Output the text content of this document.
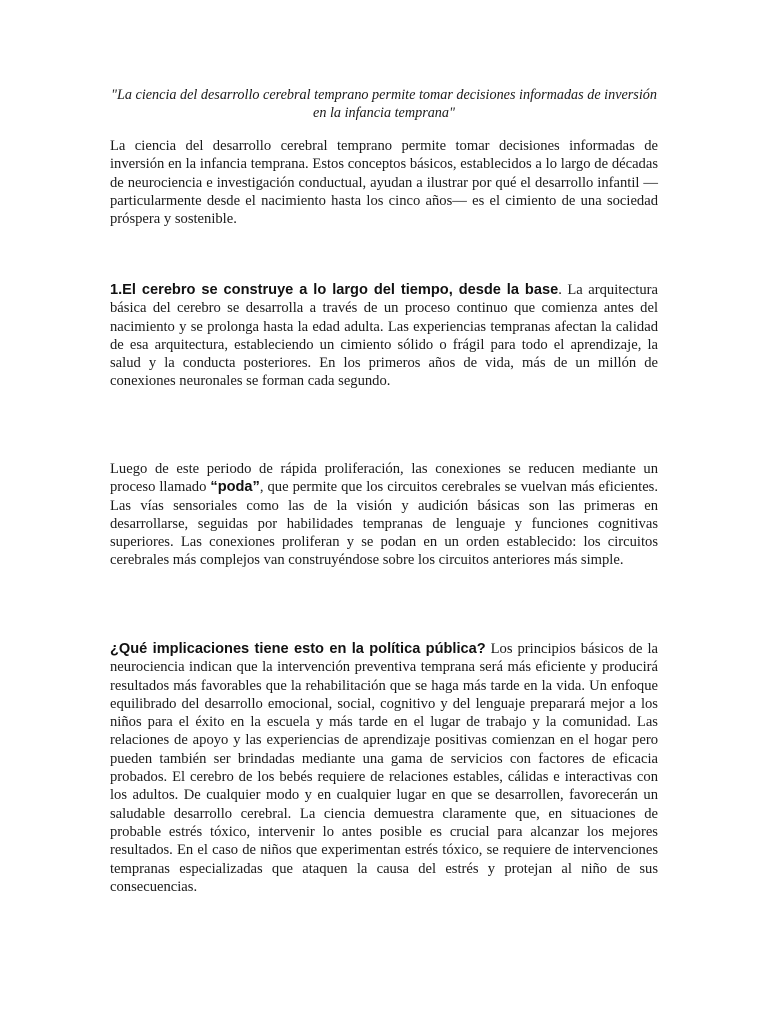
"La ciencia del desarrollo cerebral temprano permite tomar decisiones informadas de inversión en la infancia temprana"

La ciencia del desarrollo cerebral temprano permite tomar decisiones informadas de inversión en la infancia temprana. Estos conceptos básicos, establecidos a lo largo de décadas de neurociencia e investigación conductual, ayudan a ilustrar por qué el desarrollo infantil —particularmente desde el nacimiento hasta los cinco años— es el cimiento de una sociedad próspera y sostenible.

1.El cerebro se construye a lo largo del tiempo, desde la base. La arquitectura básica del cerebro se desarrolla a través de un proceso continuo que comienza antes del nacimiento y se prolonga hasta la edad adulta. Las experiencias tempranas afectan la calidad de esa arquitectura, estableciendo un cimiento sólido o frágil para todo el aprendizaje, la salud y la conducta posteriores. En los primeros años de vida, más de un millón de conexiones neuronales se forman cada segundo.

Luego de este periodo de rápida proliferación, las conexiones se reducen mediante un proceso llamado “poda”, que permite que los circuitos cerebrales se vuelvan más eficientes. Las vías sensoriales como las de la visión y audición básicas son las primeras en desarrollarse, seguidas por habilidades tempranas de lenguaje y funciones cognitivas superiores. Las conexiones proliferan y se podan en un orden establecido: los circuitos cerebrales más complejos van construyéndose sobre los circuitos anteriores más simple.

¿Qué implicaciones tiene esto en la política pública? Los principios básicos de la neurociencia indican que la intervención preventiva temprana será más eficiente y producirá resultados más favorables que la rehabilitación que se haga más tarde en la vida. Un enfoque equilibrado del desarrollo emocional, social, cognitivo y del lenguaje preparará mejor a los niños para el éxito en la escuela y más tarde en el lugar de trabajo y la comunidad. Las relaciones de apoyo y las experiencias de aprendizaje positivas comienzan en el hogar pero pueden también ser brindadas mediante una gama de servicios con factores de eficacia probados. El cerebro de los bebés requiere de relaciones estables, cálidas e interactivas con los adultos. De cualquier modo y en cualquier lugar en que se desarrollen, favorecerán un saludable desarrollo cerebral. La ciencia demuestra claramente que, en situaciones de probable estrés tóxico, intervenir lo antes posible es crucial para alcanzar los mejores resultados. En el caso de niños que experimentan estrés tóxico, se requiere de intervenciones tempranas especializadas que ataquen la causa del estrés y protejan al niño de sus consecuencias.
